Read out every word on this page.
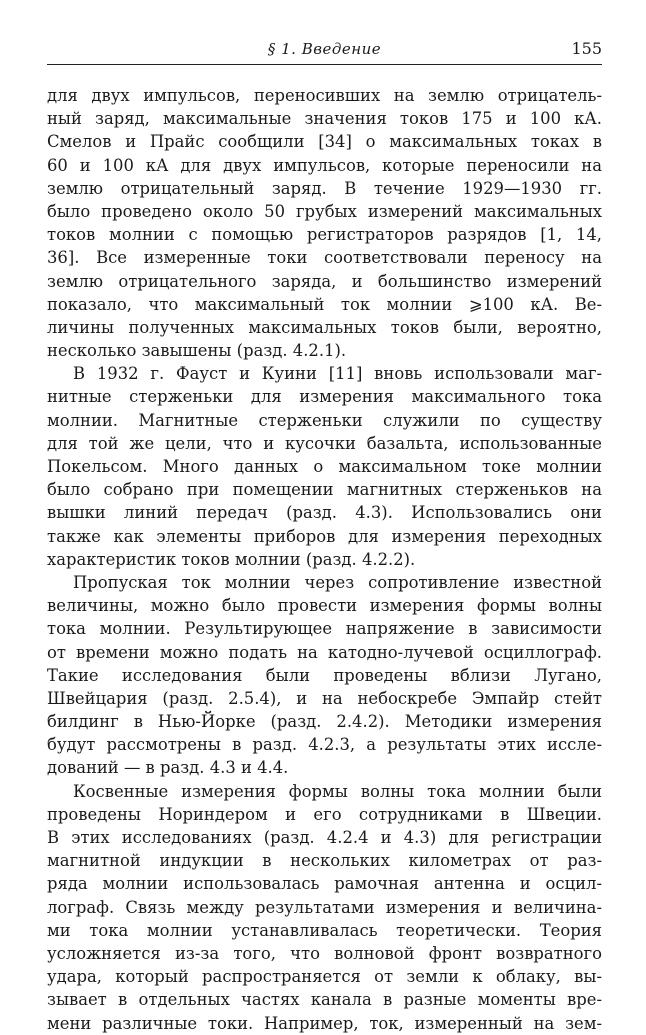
§ 1. Введение	155
для двух импульсов, переносивших на землю отрицатель-
ный заряд, максимальные значения токов 175 и 100 кА.
Смелов и Прайс сообщили [34] о максимальных токах в
60 и 100 кА для двух импульсов, которые переносили на
землю отрицательный заряд. В течение 1929—1930 гг.
было проведено около 50 грубых измерений максимальных
токов молнии с помощью регистраторов разрядов [1, 14,
36]. Все измеренные токи соответствовали переносу на
землю отрицательного заряда, и большинство измерений
показало, что максимальный ток молнии ⩾100 кА. Ве-
личины полученных максимальных токов были, вероятно,
несколько завышены (разд. 4.2.1).
В 1932 г. Фауст и Куини [11] вновь использовали маг-
нитные стерженьки для измерения максимального тока
молнии. Магнитные стерженьки служили по существу
для той же цели, что и кусочки базальта, использованные
Покельсом. Много данных о максимальном токе молнии
было собрано при помещении магнитных стерженьков на
вышки линий передач (разд. 4.3). Использовались они
также как элементы приборов для измерения переходных
характеристик токов молнии (разд. 4.2.2).
Пропуская ток молнии через сопротивление известной
величины, можно было провести измерения формы волны
тока молнии. Результирующее напряжение в зависимости
от времени можно подать на катодно-лучевой осциллограф.
Такие исследования были проведены вблизи Лугано,
Швейцария (разд. 2.5.4), и на небоскребе Эмпайр стейт
билдинг в Нью-Йорке (разд. 2.4.2). Методики измерения
будут рассмотрены в разд. 4.2.3, а результаты этих иссле-
дований — в разд. 4.3 и 4.4.
Косвенные измерения формы волны тока молнии были
проведены Нориндером и его сотрудниками в Швеции.
В этих исследованиях (разд. 4.2.4 и 4.3) для регистрации
магнитной индукции в нескольких километрах от раз-
ряда молнии использовалась рамочная антенна и осцил-
лограф. Связь между результатами измерения и величина-
ми тока молнии устанавливалась теоретически. Теория
усложняется из-за того, что волновой фронт возвратного
удара, который распространяется от земли к облаку, вы-
зывает в отдельных частях канала в разные моменты вре-
мени различные токи. Например, ток, измеренный на зем-
